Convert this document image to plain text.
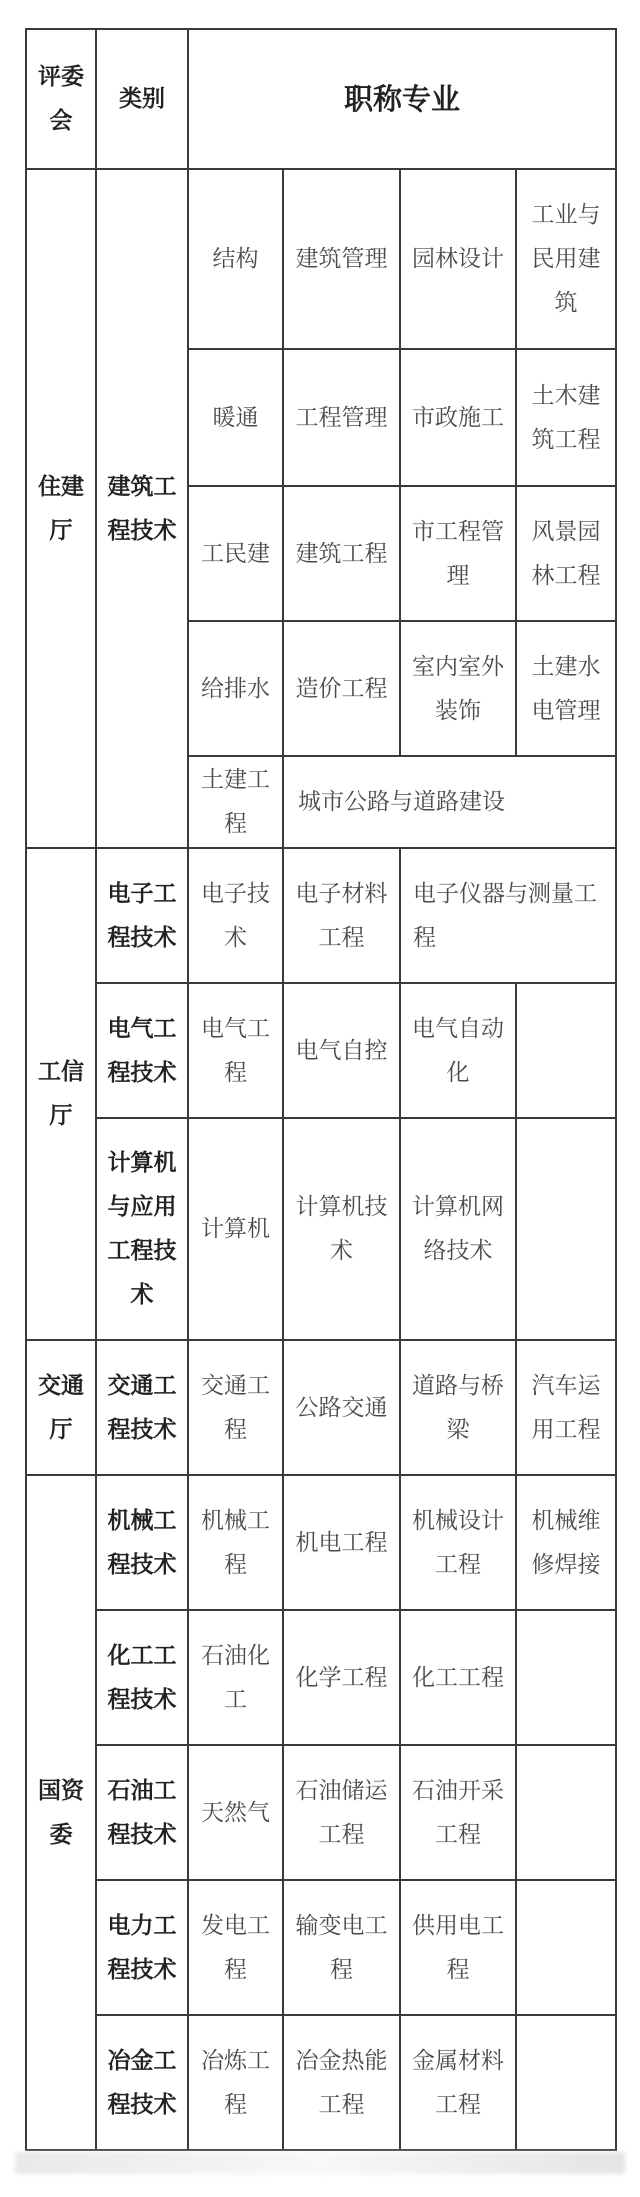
评委会	类别	职称专业			

住建厅	建筑工程技术	结构	建筑管理	园林设计	工业与民用建筑

		暖通	工程管理	市政施工	土木建筑工程

		工民建	建筑工程	市工程管理	风景园林工程

		给排水	造价工程	室内室外装饰	土建水电管理

		土建工程	城市公路与道路建设		

工信厅	电子工程技术	电子技术	电子材料工程	电子仪器与测量工程	

	电气工程技术	电气工程	电气自控	电气自动化	

	计算机与应用工程技术	计算机	计算机技术	计算机网络技术	

交通厅	交通工程技术	交通工程	公路交通	道路与桥梁	汽车运用工程

国资委	机械工程技术	机械工程	机电工程	机械设计工程	机械维修焊接

	化工工程技术	石油化工	化学工程	化工工程	

	石油工程技术	天然气	石油储运工程	石油开采工程	

	电力工程技术	发电工程	输变电工程	供用电工程	

	冶金工程技术	冶炼工程	冶金热能工程	金属材料工程	
